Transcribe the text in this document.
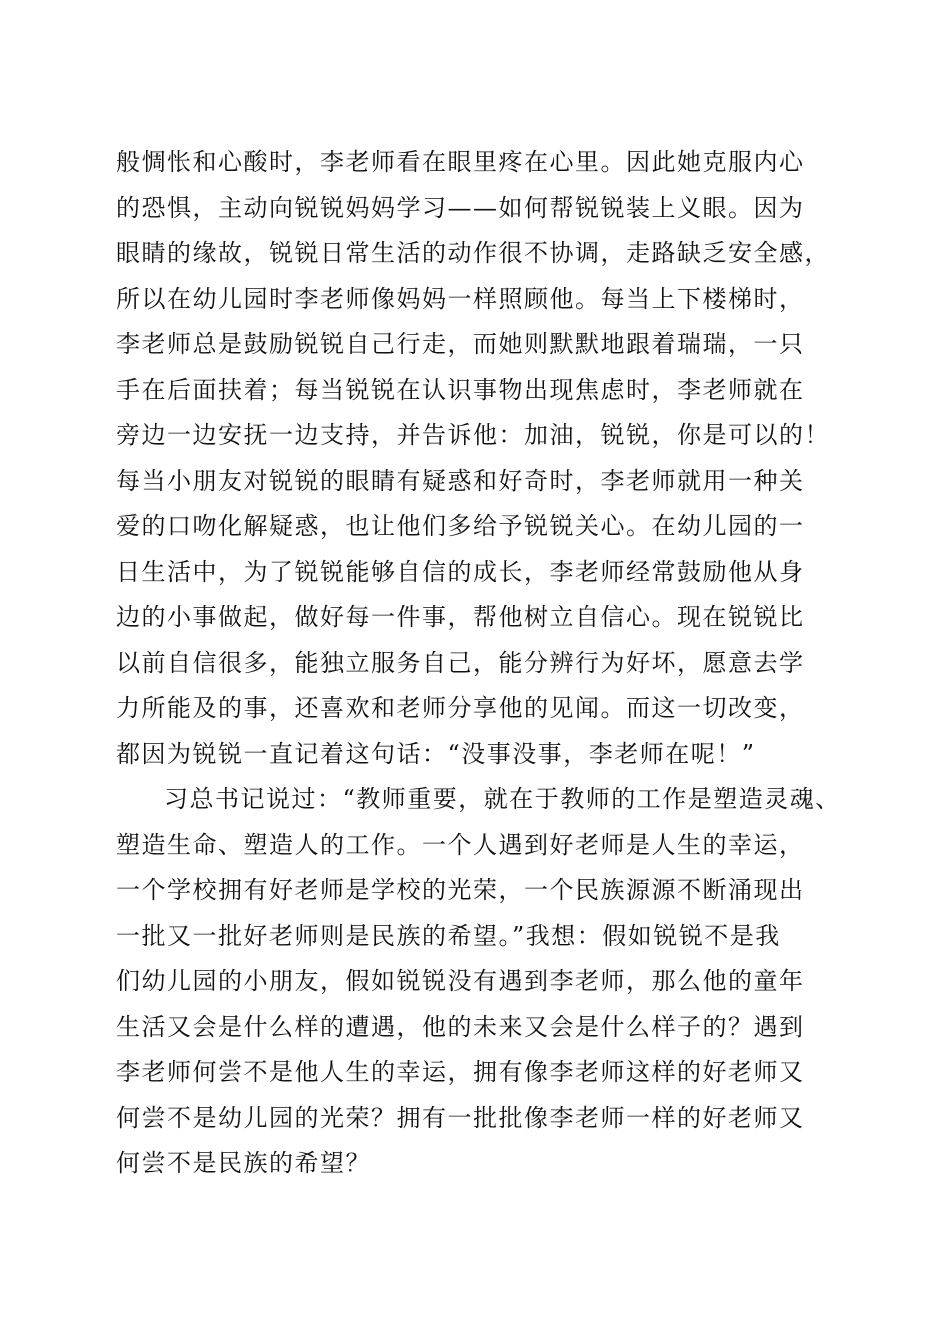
般惆怅和心酸时，李老师看在眼里疼在心里。因此她克服内心
的恐惧，主动向锐锐妈妈学习——如何帮锐锐装上义眼。因为
眼睛的缘故，锐锐日常生活的动作很不协调，走路缺乏安全感，
所以在幼儿园时李老师像妈妈一样照顾他。每当上下楼梯时，
李老师总是鼓励锐锐自己行走，而她则默默地跟着瑞瑞，一只
手在后面扶着；每当锐锐在认识事物出现焦虑时，李老师就在
旁边一边安抚一边支持，并告诉他：加油，锐锐，你是可以的！
每当小朋友对锐锐的眼睛有疑惑和好奇时，李老师就用一种关
爱的口吻化解疑惑，也让他们多给予锐锐关心。在幼儿园的一
日生活中，为了锐锐能够自信的成长，李老师经常鼓励他从身
边的小事做起，做好每一件事，帮他树立自信心。现在锐锐比
以前自信很多，能独立服务自己，能分辨行为好坏，愿意去学
力所能及的事，还喜欢和老师分享他的见闻。而这一切改变，
都因为锐锐一直记着这句话：“没事没事，李老师在呢！”
习总书记说过：“教师重要，就在于教师的工作是塑造灵魂、
塑造生命、塑造人的工作。一个人遇到好老师是人生的幸运，
一个学校拥有好老师是学校的光荣，一个民族源源不断涌现出
一批又一批好老师则是民族的希望。”我想：假如锐锐不是我
们幼儿园的小朋友，假如锐锐没有遇到李老师，那么他的童年
生活又会是什么样的遭遇，他的未来又会是什么样子的？遇到
李老师何尝不是他人生的幸运，拥有像李老师这样的好老师又
何尝不是幼儿园的光荣？拥有一批批像李老师一样的好老师又
何尝不是民族的希望？
